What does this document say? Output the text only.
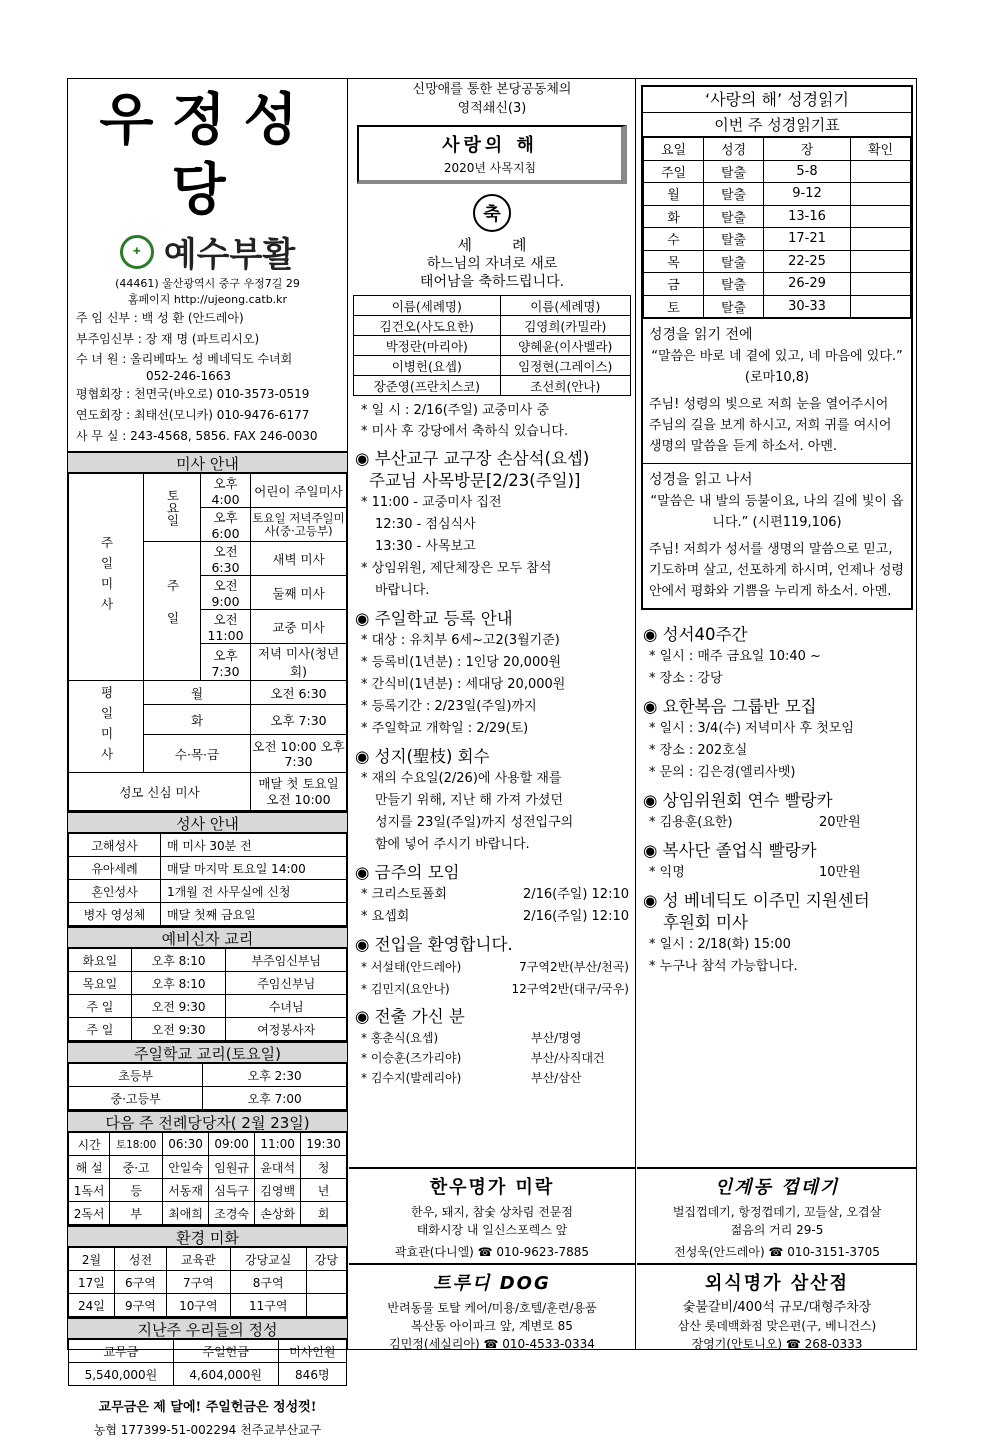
우정성당
✚ 예수부활
(44461) 울산광역시 중구 우정7길 29
홈페이지 http://ujeong.catb.kr
주 임 신부 : 백 성 환 (안드레아)
부주임신부 : 장 재 명 (파트리시오)
수 녀 원 : 올리베따노 성 베네딕도 수녀회
052-246-1663
평협회장 : 천면국(바오로) 010-3573-0519
연도회장 : 최태선(모니카) 010-9476-6177
사 무 실 : 243-4568, 5856. FAX 246-0030
미사 안내
주일미사	토요일	오후 4:00	어린이 주일미사
		오후 6:00	토요일 저녁주일미사(중·고등부)
	주일	오전 6:30	새벽 미사
		오전 9:00	둘째 미사
		오전11:00	교중 미사
		오후 7:30	저녁 미사(청년회)
평일미사	월		오전 6:30
	화		오후 7:30
	수·목·금		오전 10:00 오후 7:30
성모 신심 미사			매달 첫 토요일 오전 10:00
성사 안내
고해성사	매 미사 30분 전
유아세례	매달 마지막 토요일 14:00
혼인성사	1개월 전 사무실에 신청
병자 영성체	매달 첫째 금요일
예비신자 교리
화요일	오후 8:10	부주임신부님
목요일	오후 8:10	주임신부님
주 일	오전 9:30	수녀님
주 일	오전 9:30	여정봉사자
주일학교 교리(토요일)
초등부	오후 2:30
중·고등부	오후 7:00
다음 주 전례당당자( 2월 23일)
시간	토18:00	06:30	09:00	11:00	19:30
해 설	중·고	안일숙	임원규	윤대석	청
1독서	등	서동재	심득구	김영백	년
2독서	부	최애희	조경숙	손상화	회
환경 미화
2월	성전	교육관	강당교실	강당
17일	6구역	7구역	8구역	
24일	9구역	10구역	11구역	
지난주 우리들의 정성
교무금	주일헌금	미사인원
5,540,000원	4,604,000원	846명
교무금은 제 달에! 주일헌금은 정성껏!
농협 177399-51-002294 천주교부산교구
신망애를 통한 본당공동체의
영적쇄신(3)
사랑의 해
2020년 사목지침
축
세례
하느님의 자녀로 새로
태어남을 축하드립니다.
이름(세례명)	이름(세례명)
김건오(사도요한)	김영희(카밀라)
박정란(마리아)	양혜윤(이사벨라)
이병헌(요셉)	임정현(그레이스)
장준영(프란치스코)	조선희(안나)
* 일 시 : 2/16(주일) 교중미사 중
* 미사 후 강당에서 축하식 있습니다.
◉ 부산교구 교구장 손삼석(요셉)
주교님 사목방문[2/23(주일)]
* 11:00 - 교중미사 집전
12:30 - 점심식사
13:30 - 사목보고
* 상임위원, 제단체장은 모두 참석
바랍니다.
◉ 주일학교 등록 안내
* 대상 : 유치부 6세~고2(3월기준)
* 등록비(1년분) : 1인당 20,000원
* 간식비(1년분) : 세대당 20,000원
* 등록기간 : 2/23일(주일)까지
* 주일학교 개학일 : 2/29(토)
◉ 성지(聖枝) 회수
* 재의 수요일(2/26)에 사용할 재를
만들기 위해, 지난 해 가져 가셨던
성지를 23일(주일)까지 성전입구의
함에 넣어 주시기 바랍니다.
◉ 금주의 모임
* 크리스토폴회	2/16(주일) 12:10
* 요셉회	2/16(주일) 12:10
◉ 전입을 환영합니다.
* 서설태(안드레아)	7구역2반(부산/천곡)
* 김민지(요안나)	12구역2반(대구/국우)
◉ 전출 가신 분
* 홍춘식(요셉)	부산/명영
* 이승훈(즈가리야)	부산/사직대건
* 김수지(발레리아)	부산/삼산
한우명가 미락
한우, 돼지, 참숯 상차림 전문점
태화시장 내 일신스포렉스 앞
곽효관(다니엘) ☎ 010-9623-7885
트루디 DOG
반려동물 토탈 케어/미용/호텔/훈련/용품
복산동 아이파크 앞, 계변로 85
김민정(세실리아) ☎ 010-4533-0334
‘사랑의 해’ 성경읽기
이번 주 성경읽기표
요일	성경	장	확인
주일	탈출	5-8	
월	탈출	9-12	
화	탈출	13-16	
수	탈출	17-21	
목	탈출	22-25	
금	탈출	26-29	
토	탈출	30-33	
성경을 읽기 전에
“말씀은 바로 네 곁에 있고, 네 마음에 있다.” (로마10,8)
주님! 성령의 빛으로 저희 눈을 열어주시어 주님의 길을 보게 하시고, 저희 귀를 여시어 생명의 말씀을 듣게 하소서. 아멘.
성경을 읽고 나서
“말씀은 내 발의 등불이요, 나의 길에 빛이 옵니다.” (시편119,106)
주님! 저희가 성서를 생명의 말씀으로 믿고, 기도하며 살고, 선포하게 하시며, 언제나 성령 안에서 평화와 기쁨을 누리게 하소서. 아멘.
◉ 성서40주간
* 일시 : 매주 금요일 10:40 ~
* 장소 : 강당
◉ 요한복음 그룹반 모집
* 일시 : 3/4(수) 저녁미사 후 첫모임
* 장소 : 202호실
* 문의 : 김은경(엘리사벳)
◉ 상임위원회 연수 빨랑카
* 김용훈(요한)	20만원
◉ 복사단 졸업식 빨랑카
* 익명	10만원
◉ 성 베네딕도 이주민 지원센터
후원회 미사
* 일시 : 2/18(화) 15:00
* 누구나 참석 가능합니다.
인계동 껍데기
벌집껍데기, 항정껍데기, 꼬들살, 오겹살
젊음의 거리 29-5
전성욱(안드레아) ☎ 010-3151-3705
외식명가 삼산점
숯불갈비/400석 규모/대형주차장
삼산 롯데백화점 맞은편(구, 베니건스)
장영기(안토니오) ☎ 268-0333
